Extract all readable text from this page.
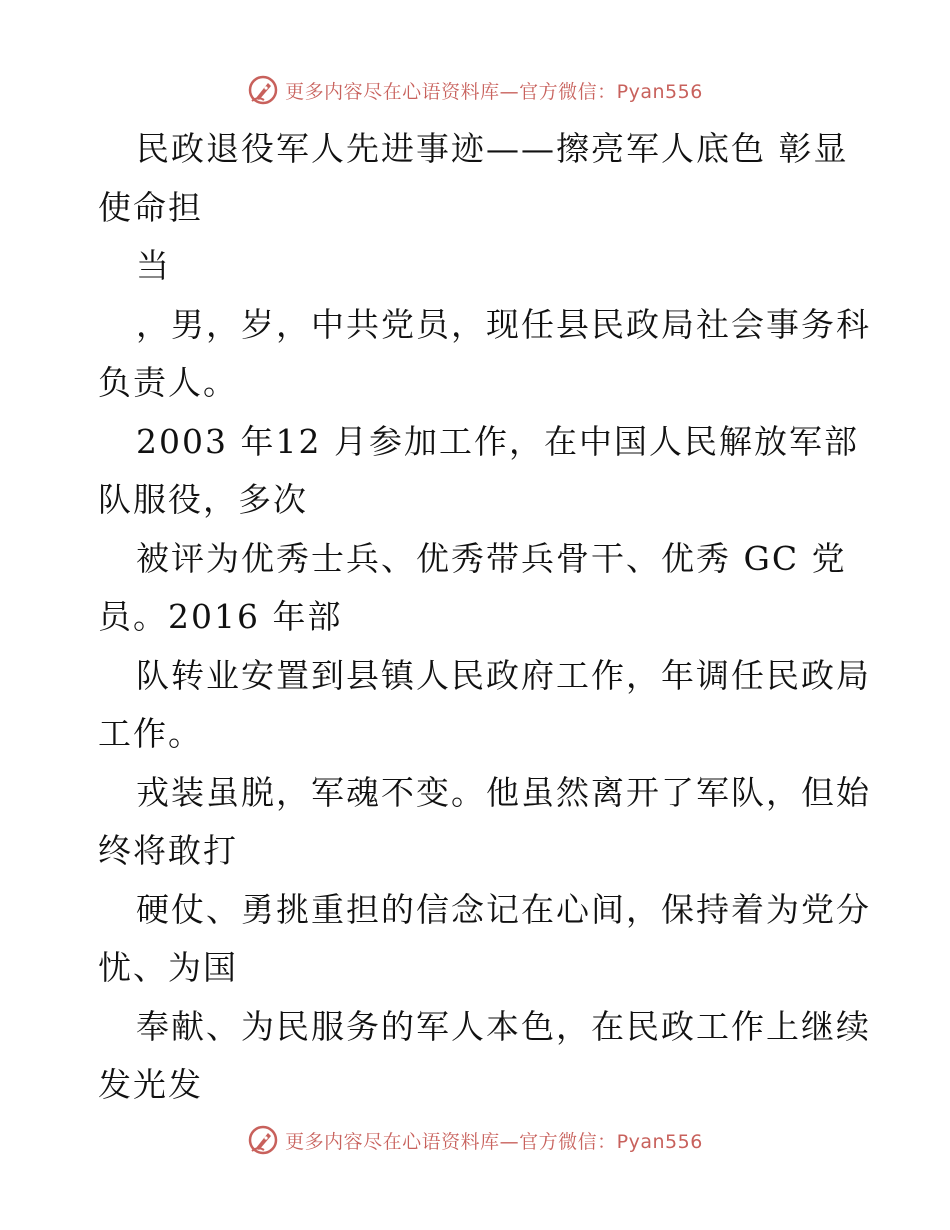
更多内容尽在心语资料库—官方微信：Pyan556
民政退役军人先进事迹——擦亮军人底色 彰显
使命担
当
，男，岁，中共党员，现任县民政局社会事务科
负责人。
2003 年12 月参加工作，在中国人民解放军部
队服役，多次
被评为优秀士兵、优秀带兵骨干、优秀 GC 党
员。2016 年部
队转业安置到县镇人民政府工作，年调任民政局
工作。
戎装虽脱，军魂不变。他虽然离开了军队，但始
终将敢打
硬仗、勇挑重担的信念记在心间，保持着为党分
忧、为国
奉献、为民服务的军人本色，在民政工作上继续
发光发
更多内容尽在心语资料库—官方微信：Pyan556
